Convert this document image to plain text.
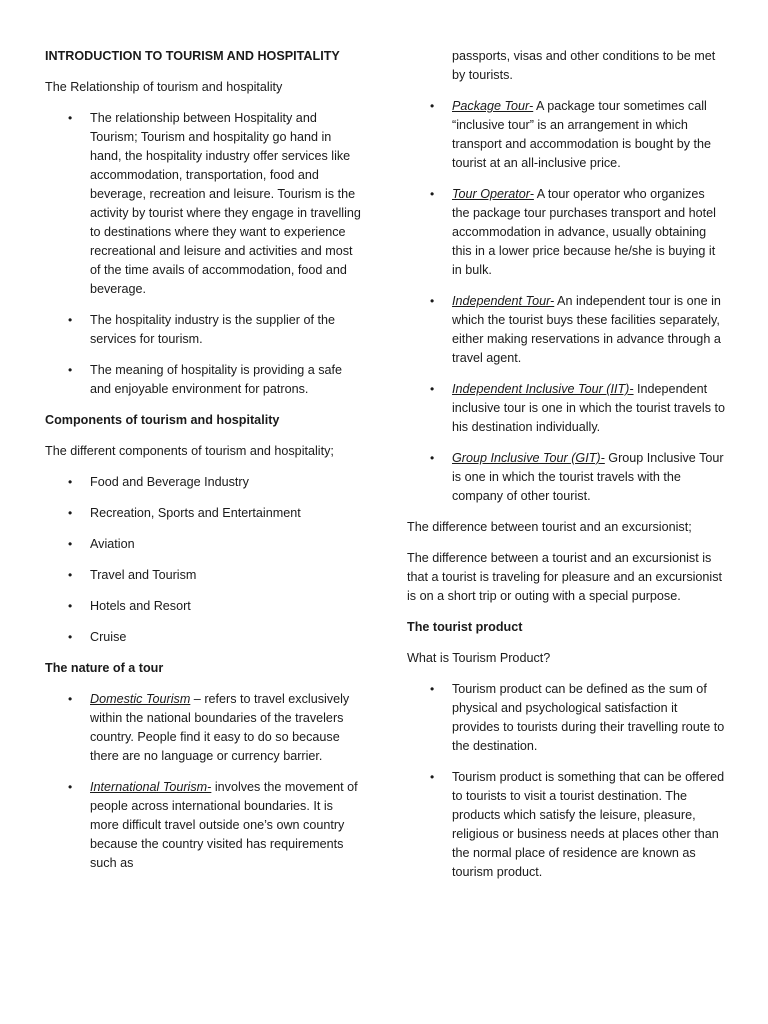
INTRODUCTION TO TOURISM AND HOSPITALITY

The Relationship of tourism and hospitality

• The relationship between Hospitality and Tourism; Tourism and hospitality go hand in hand, the hospitality industry offer services like accommodation, transportation, food and beverage, recreation and leisure. Tourism is the activity by tourist where they engage in travelling to destinations where they want to experience recreational and leisure and activities and most of the time avails of accommodation, food and beverage.
• The hospitality industry is the supplier of the services for tourism.
• The meaning of hospitality is providing a safe and enjoyable environment for patrons.

Components of tourism and hospitality

The different components of tourism and hospitality;

• Food and Beverage Industry
• Recreation, Sports and Entertainment
• Aviation
• Travel and Tourism
• Hotels and Resort
• Cruise

The nature of a tour

• Domestic Tourism – refers to travel exclusively within the national boundaries of the travelers country. People find it easy to do so because there are no language or currency barrier.
• International Tourism- involves the movement of people across international boundaries. It is more difficult travel outside one’s own country because the country visited has requirements such as
passports, visas and other conditions to be met by tourists.
• Package Tour- A package tour sometimes call “inclusive tour” is an arrangement in which transport and accommodation is bought by the tourist at an all-inclusive price.
• Tour Operator- A tour operator who organizes the package tour purchases transport and hotel accommodation in advance, usually obtaining this in a lower price because he/she is buying it in bulk.
• Independent Tour- An independent tour is one in which the tourist buys these facilities separately, either making reservations in advance through a travel agent.
• Independent Inclusive Tour (IIT)- Independent inclusive tour is one in which the tourist travels to his destination individually.
• Group Inclusive Tour (GIT)- Group Inclusive Tour is one in which the tourist travels with the company of other tourist.

The difference between tourist and an excursionist;

The difference between a tourist and an excursionist is that a tourist is traveling for pleasure and an excursionist is on a short trip or outing with a special purpose.

The tourist product

What is Tourism Product?

• Tourism product can be defined as the sum of physical and psychological satisfaction it provides to tourists during their travelling route to the destination.
• Tourism product is something that can be offered to tourists to visit a tourist destination. The products which satisfy the leisure, pleasure, religious or business needs at places other than the normal place of residence are known as tourism product.
